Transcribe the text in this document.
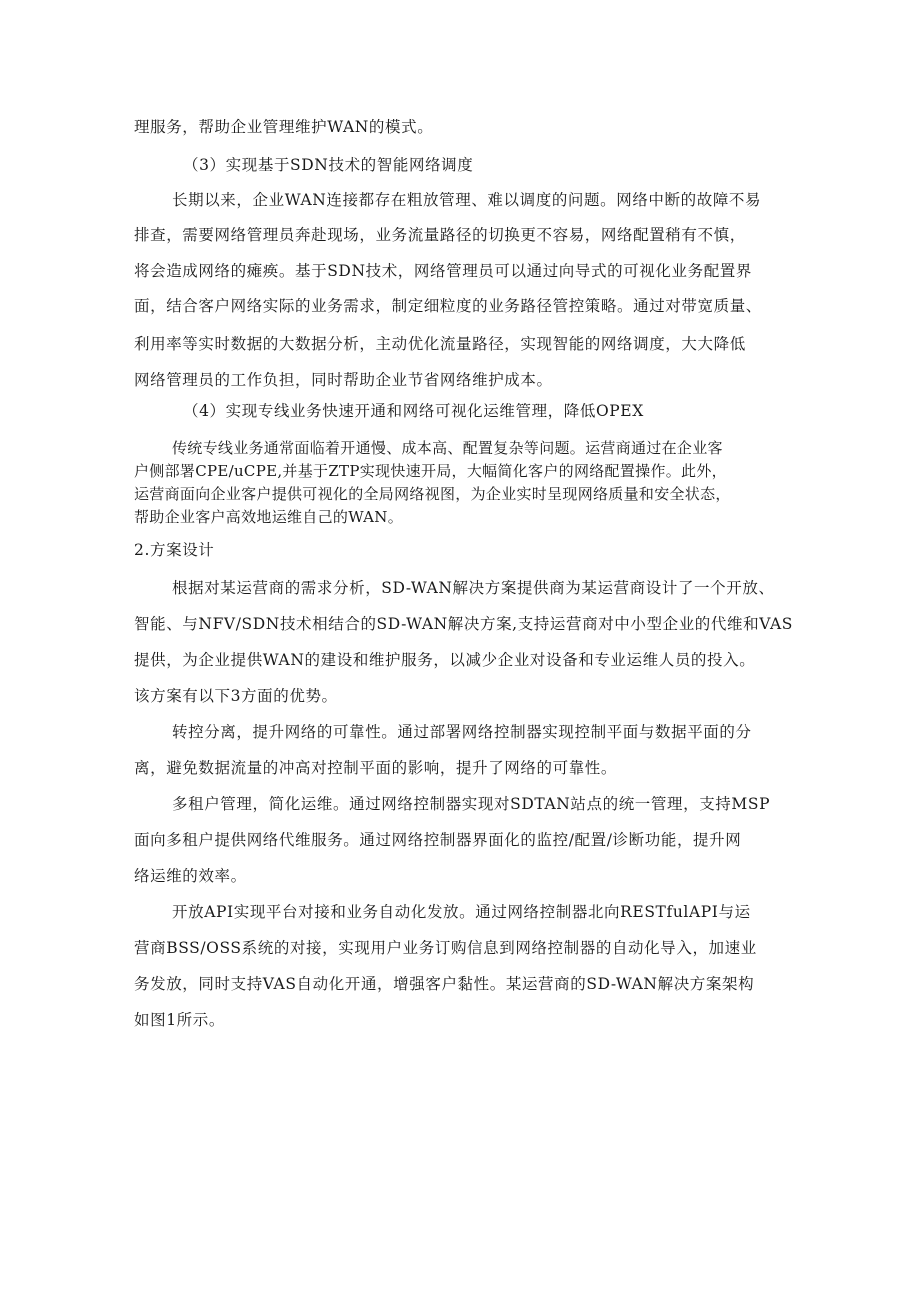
理服务，帮助企业管理维护WAN的模式。
（3）实现基于SDN技术的智能网络调度
长期以来，企业WAN连接都存在粗放管理、难以调度的问题。网络中断的故障不易
排查，需要网络管理员奔赴现场，业务流量路径的切换更不容易，网络配置稍有不慎，
将会造成网络的瘫痪。基于SDN技术，网络管理员可以通过向导式的可视化业务配置界
面，结合客户网络实际的业务需求，制定细粒度的业务路径管控策略。通过对带宽质量、
利用率等实时数据的大数据分析，主动优化流量路径，实现智能的网络调度，大大降低
网络管理员的工作负担，同时帮助企业节省网络维护成本。
（4）实现专线业务快速开通和网络可视化运维管理，降低OPEX
传统专线业务通常面临着开通慢、成本高、配置复杂等问题。运营商通过在企业客
户侧部署CPE/uCPE,并基于ZTP实现快速开局，大幅简化客户的网络配置操作。此外，
运营商面向企业客户提供可视化的全局网络视图，为企业实时呈现网络质量和安全状态，
帮助企业客户高效地运维自己的WAN。
2.方案设计
根据对某运营商的需求分析，SD-WAN解决方案提供商为某运营商设计了一个开放、
智能、与NFV/SDN技术相结合的SD-WAN解决方案,支持运营商对中小型企业的代维和VAS
提供，为企业提供WAN的建设和维护服务，以减少企业对设备和专业运维人员的投入。
该方案有以下3方面的优势。
转控分离，提升网络的可靠性。通过部署网络控制器实现控制平面与数据平面的分
离，避免数据流量的冲高对控制平面的影响，提升了网络的可靠性。
多租户管理，简化运维。通过网络控制器实现对SDTAN站点的统一管理，支持MSP
面向多租户提供网络代维服务。通过网络控制器界面化的监控/配置/诊断功能，提升网
络运维的效率。
开放API实现平台对接和业务自动化发放。通过网络控制器北向RESTfulAPI与运
营商BSS/OSS系统的对接，实现用户业务订购信息到网络控制器的自动化导入，加速业
务发放，同时支持VAS自动化开通，增强客户黏性。某运营商的SD-WAN解决方案架构
如图1所示。
